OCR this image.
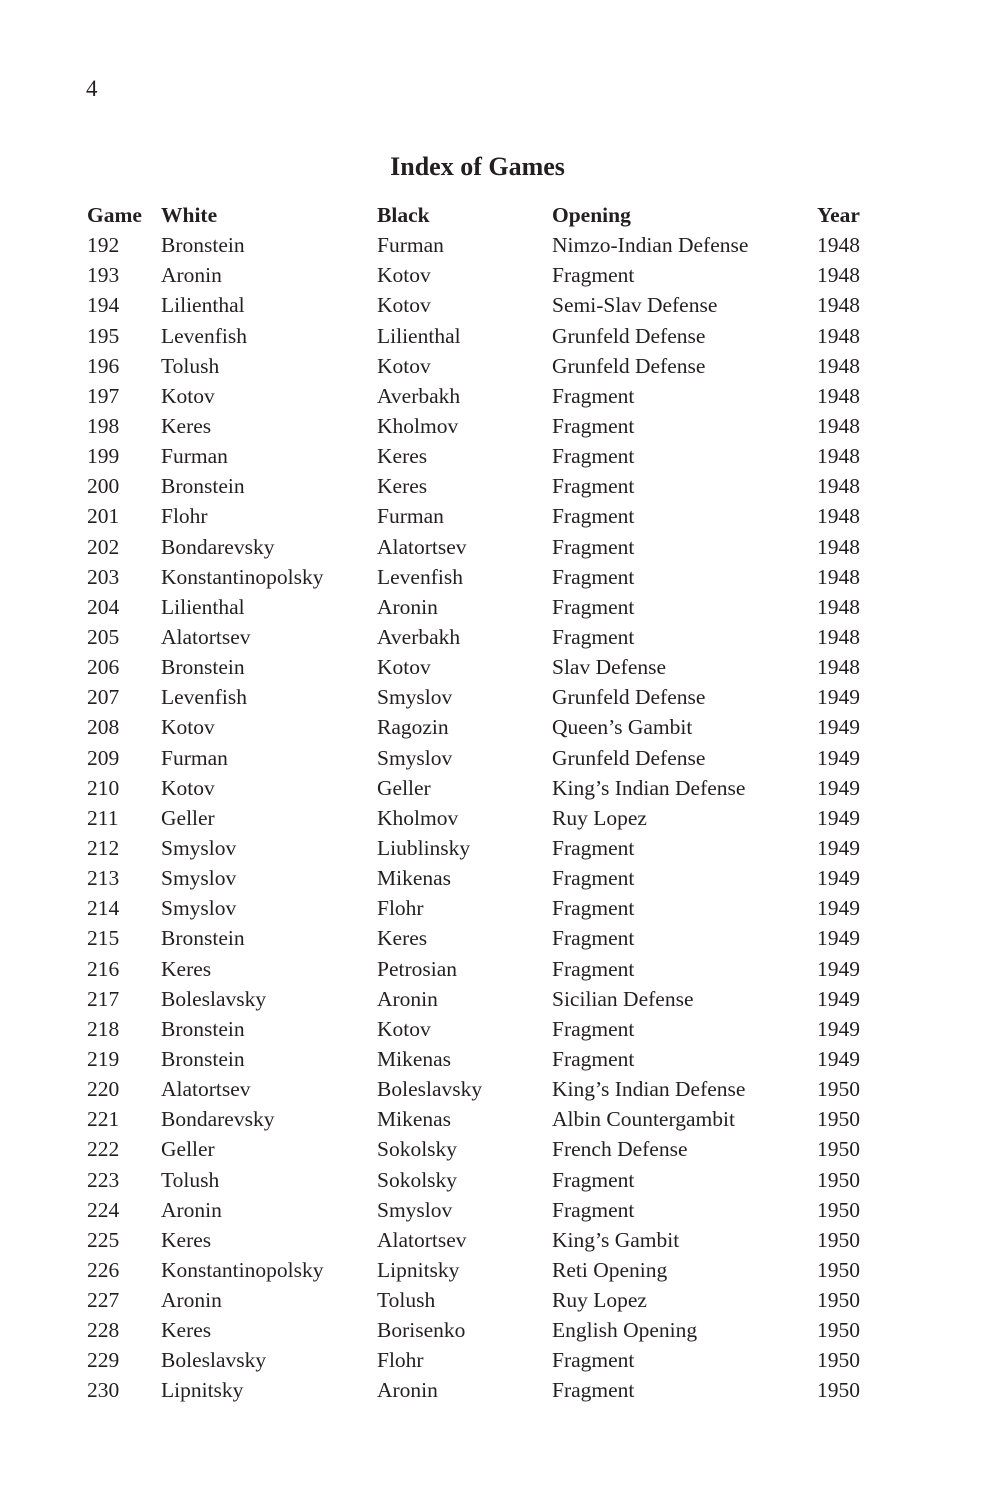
4
Index of Games
Game White	Black	Opening	Year
192	Bronstein	Furman	Nimzo-Indian Defense	1948
193	Aronin	Kotov	Fragment	1948
194	Lilienthal	Kotov	Semi-Slav Defense	1948
195	Levenfish	Lilienthal	Grunfeld Defense	1948
196	Tolush	Kotov	Grunfeld Defense	1948
197	Kotov	Averbakh	Fragment	1948
198	Keres	Kholmov	Fragment	1948
199	Furman	Keres	Fragment	1948
200	Bronstein	Keres	Fragment	1948
201	Flohr	Furman	Fragment	1948
202	Bondarevsky	Alatortsev	Fragment	1948
203	Konstantinopolsky	Levenfish	Fragment	1948
204	Lilienthal	Aronin	Fragment	1948
205	Alatortsev	Averbakh	Fragment	1948
206	Bronstein	Kotov	Slav Defense	1948
207	Levenfish	Smyslov	Grunfeld Defense	1949
208	Kotov	Ragozin	Queen’s Gambit	1949
209	Furman	Smyslov	Grunfeld Defense	1949
210	Kotov	Geller	King’s Indian Defense	1949
211	Geller	Kholmov	Ruy Lopez	1949
212	Smyslov	Liublinsky	Fragment	1949
213	Smyslov	Mikenas	Fragment	1949
214	Smyslov	Flohr	Fragment	1949
215	Bronstein	Keres	Fragment	1949
216	Keres	Petrosian	Fragment	1949
217	Boleslavsky	Aronin	Sicilian Defense	1949
218	Bronstein	Kotov	Fragment	1949
219	Bronstein	Mikenas	Fragment	1949
220	Alatortsev	Boleslavsky	King’s Indian Defense	1950
221	Bondarevsky	Mikenas	Albin Countergambit	1950
222	Geller	Sokolsky	French Defense	1950
223	Tolush	Sokolsky	Fragment	1950
224	Aronin	Smyslov	Fragment	1950
225	Keres	Alatortsev	King’s Gambit	1950
226	Konstantinopolsky	Lipnitsky	Reti Opening	1950
227	Aronin	Tolush	Ruy Lopez	1950
228	Keres	Borisenko	English Opening	1950
229	Boleslavsky	Flohr	Fragment	1950
230	Lipnitsky	Aronin	Fragment	1950
